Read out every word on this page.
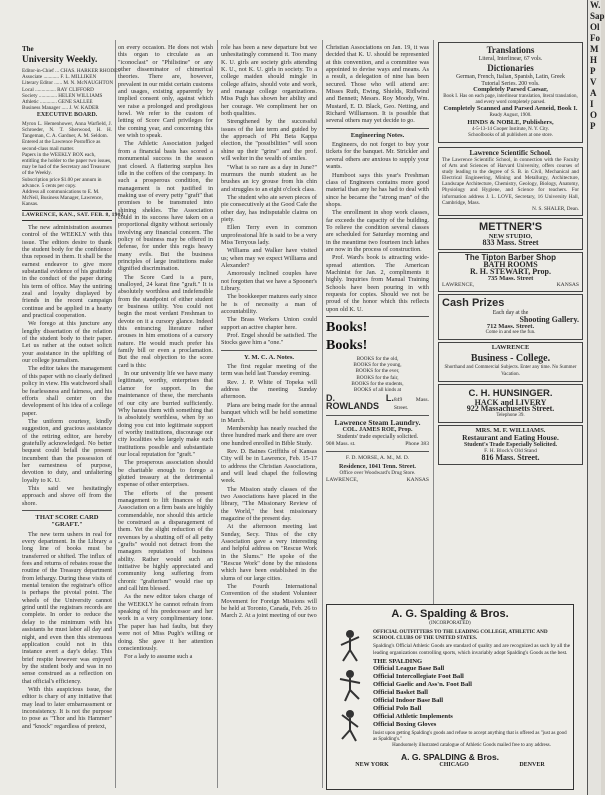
The
University Weekly.
Editor-in-Chief ... CHAS. HARKER RHODES
Associate ............ F. L. MILLIKEN
Literary Editor ...... M. N. McNAUGHTON
Local ................ RAY CLIFFORD
Society .............. HELEN WILLIAMS
Athletic ............. GENE SALLEE
Business Manager ..... J. W. KADER
EXECUTIVE BOARD.
Myron L. Hemenhower, Anna Warfield, J. Schroeder, N. T. Sherwood, H. H. Tangeman, C. A. Gardner, A. M. Seldom.
Entered at the Lawrence Postoffice as second-class mail matter.
Papers in the WEEKLY BOX each, entitling the holder to the paper two issues, may be had of the Secretary and Treasurer of the Weekly.
Subscription price $1.00 per annum in advance. 5 cents per copy.
Address all communications to E. M. McNeil, Business Manager, Lawrence, Kansas.
LAWRENCE, KAN., SAT. FEB. 8, 1902.

The new administration assumes control of the WEEKLY with this issue. The editors desire to thank the student body for the confidence thus reposed in them. It shall be the earnest endeavor to give more substantial evidence of his gratitude in the conduct of the paper during his term of office. May the untiring zeal and loyalty displayed by friends in the recent campaign continue and be applied in a hearty and practical cooperation.

We forego at this juncture any lengthy dissertation of the relation of the student body to their paper. Let us rather at the outset solicit your assistance in the uplifting of our college journalism.

The editor takes the management of this paper with no clearly defined policy in view. His watchword shall be fearlessness and fairness, and his efforts shall center on the development of his idea of a college paper.

The uniform courtesy, kindly suggestion, and gracious assistance of the retiring editor, are hereby gratefully acknowledged. No better bequest could befall the present incumbent than the possession of her earnestness of purpose, devotion to duty, and unfaltering loyalty to K. U.

This said we hesitatingly approach and shove off from the shore.

THAT SCORE CARD "GRAFT."

The new term ushers in real for every department. In the Library a long line of books must be transferred or shifted. The influx of fees and returns of rebates rouse the routine of the Treasury department from lethargy. During these visits of mental tension the registrar's office is perhaps the pivotal point. The wheels of the University cannot grind until the registrars records are complete. In order to reduce the delay to the minimum with his assistants he must labor all day and night, and even then this strenuous application could not in this instance avert a day's delay. This brief respite however was enjoyed by the student body and was in no sense construed as a reflection on that official's efficiency.

With this auspicious issue, the editor is chary of any initiative that may lead to later embarrassment or inconsistency. It is not the purpose to pose as "Thor and his Hammer" and "knock" regardless of pretext,

on every occasion. He does not wish this organ to circulate as an "iconoclast" or "Philistine" or any other disseminator of chimerical theories. There are, however, prevalent in our midst certain customs and usages, existing apparently by implied consent only, against which we raise a prolonged and prodigious howl. We refer to the custom of letting of Score Card privileges for the coming year, and concerning this we wish to speak.

The Athletic Association judged from a financial basis has scored a monumental success in the season just closed. A flattering surplus lies idle in the coffers of the company. In such a prosperous condition, the management is not justified in making use of every petty "graft" that promises to be transmuted into shining shekles. The Association could in its success have taken on a proportional dignity without seriously involving any financial concern. The policy of business may be offered in defense, for under this regis heavy many evils. But the business principles of large institutions make dignified discrimination.

The Score Card is a pure, unalloyed, 24 karat fine "graft." It is absolutely worthless and indefensible from the standpoint of either student or business utility. You could not begin the most verdant Freshman to devote on it a cursory glance. Indeed this entrancing literature rather arouses in him emotions of a cursory nature. He would much prefer his family bill or even a proclamation. But the real objection to the score card is this:

In our university life we have many legitimate, worthy, enterprises that clamor for support. In the maintenance of these, the merchants of our city are burried sufficiently. Why harass them with something that is absolutely worthless, when by so doing you cut into legitimate support of worthy institutions, discourage our city localities who largely make such institutions possible and substantiate our local reputation for "graft."

The prosperous association should be charitable enough to forego a glutted treasury at the detrimental expense of other enterprises.

The efforts of the present management to lift finances of the Association on a firm basis are highly commendable, nor should this article be construed as a disparagement of them. Yet the slight reduction of the revenues by a shutting off of all petty "grafts" would not detract from the managers reputation of business ability. Rather would such an initiative be highly appreciated and community long suffering from chronic "grafterism" would rise up and call him blessed.

As the new editor takes charge of the WEEKLY he cannot refrain from speaking of his predecessor and her work in a very complimentary tone. The paper has had faults, but they were not of Miss Pugh's willing or doing. She gave it her attention conscientiously.

For a lady to assume such a

role has been a new departure but we unhesitatingly commend it. Too many K. U. girls are society girls attending K. U., not K. U. girls in society. To a college maiden should mingle in college affairs, should vote and work, and manage college organizations. Miss Pugh has shown her ability and her courage. We compliment her on both qualities.

Strengthened by the successful issues of the late term and guided by the approach of Phi Beta Kappa election, the "possibilities" will soon shine up their "grins" and the prof. will welter in the wealth of smiles.

"What is so rare as a day in June?" murmurs the numb student as he brushes an icy grouse from his chin and struggles to an eight o'clock class.

The student who ate seven pieces of pie consecutively at the Good Cafe the other day, has indisputable claims on piety.

Ellen Terry even in common unprofessional life is said to be a very Miss Terryous lady.

Williams and Walker have visited us; when may we expect Williams and Alexander?

Amorously inclined couples have not forgotten that we have a Spooner's Library.

The bookkeeper matures early since he is of necessity a man of accountability.

The Brass Workers Union could support an active chapter here.

Prof. Engel should be satisfied. The Stocks gave him a "one."

Y. M. C. A. Notes.

The first regular meeting of the term was held last Tuesday evening.

Rev. J. P. White of Topeka will address the meeting Sunday afternoon.

Plans are being made for the annual banquet which will be held sometime in March.

Membership has nearly reached the three hundred mark and there are over one hundred enrolled in Bible Study.

Rev. D. Baines Griffiths of Kansas City will be in Lawrence, Feb. 15-17 to address the Christian Associations, and will lead chapel the following week.

The Mission study classes of the two Associations have placed in the library, "The Missionary Review of the World," the best missionary magazine of the present day.

At the afternoon meeting last Sunday, Secy. Titus of the city Association gave a very interesting and helpful address on "Rescue Work in the Slums." He spoke of the "Rescue Work" done by the missions which have been established in the slums of our large cities.

The Fourth International Convention of the student Volunteer Movement for Foreign Missions will be held at Toronto, Canada, Feb. 26 to March 2. At a joint meeting of our two

Christian Associations on Jan. 19, it was decided that K. U. should be represented at this convention, and a committee was appointed to devise ways and means. As a result, a delegation of nine has been secured. Those who will attend are: Misses Ruth, Ewing, Shields, Ridlwind and Bennett; Messrs. Roy Moody, Wm. Mustard, E. D. Black, Geo. Netting, and Richard Williamson. It is possible that several others may yet decide to go.

Engineering Notes.

Engineers, do not forget to buy your tickets for the banquet. Mr. Strickler and several others are anxious to supply your wants.

Humboot says this year's Freshman class of Engineers contains more good material than any he has had to deal with since he became the "strong man" of the shops.

The enrollment in shop work classes, far exceeds the capacity of the building. To relieve the condition several classes are scheduled for Saturday morning and in the meantime two fourteen inch lathes are now in the process of construction.

Prof. Ward's book is attracting wide-spread attention. The American Machinist for Jan. 2, compliments it highly. Inquiries from Manual Training Schools have been pouring in with requests for copies. Should we not be proud of the honor which this reflects upon old K. U.

Books!
Books!
BOOKS for the old,
BOOKS for the young,
BOOKS for the ever,
BOOKS for the fair,
BOOKS for the students,
BOOKS of all kinds at
D. L. ROWLANDS
849 Mass. Street.
Lawrence Steam Laundry.
COL. JAMES ROE, Prop.
Students' trade especially solicited.
908 Mass. st.	Phone 383
F. D. MORSE, A. M., M. D.
Residence, 1041 Tenn. Street.
Office over Woodward's Drug Store.
LAWRENCE,	KANSAS
Translations
Literal, Interlinear, 67 vols.
Dictionaries
German, French, Italian, Spanish, Latin, Greek
Tutorial Series. 200 vols.
Completely Parsed Caesar,
Book I. Has on each page, interlinear translation, literal translation, and every word completely parsed.
Completely Scanned and Parsed Aeneid, Book I.
Ready August, 1900.
HINDS & NOBLE, Publishers,
4-5-13-14 Cooper Institute, N. Y. City.
Schoolbooks of all publishers at one store.
Lawrence Scientific School.
The Lawrence Scientific School, in connection with the Faculty of Arts and Sciences of Harvard University, offers courses of study leading to the degree of S. B. in Civil, Mechanical and Electrical Engineering, Mining and Metallurgy, Architecture, Landscape Architecture, Chemistry, Geology, Biology, Anatomy, Physiology and Hygiene, and Science for teachers. For information address J. L. LOVE, Secretary, 16 University Hall, Cambridge, Mass.
N. S. SHALER, Dean.
METTNER'S
NEW STUDIO,
833 Mass. Street
The Tipton Barber Shop
BATH ROOMS
R. H. STEWART, Prop.
735 Mass. Street
LAWRENCE,	KANSAS
Cash Prizes
Each day at the
Shooting Gallery.
712 Mass. Street.
Come in and see the fun.
LAWRENCE
Business - College.
Shorthand and Commercial Subjects. Enter any time. No Summer Vacation.
C. H. HUNSINGER.
HACK and LIVERY
922 Massachusetts Street.
Telephone 39.
MRS. M. F. WILLIAMS.
Restaurant and Eating House.
Student's Trade Especially Solicited.
F. H. Block's Old Stand
816 Mass. Street.
A. G. Spalding & Bros.
(INCORPORATED)
OFFICIAL OUTFITTERS TO THE LEADING COLLEGE, ATHLETIC AND SCHOOL CLUBS OF THE UNITED STATES.
Spalding's Official Athletic Goods are standard of quality and are recognized as such by all the leading organizations controlling sports, which invariably adopt Spalding's Goods as the best.
THE SPALDING
Official League Base Ball
Official Intercollegiate Foot Ball
Official Gaelic and Ass'n. Foot Ball
Official Basket Ball
Official Indoor Base Ball
Official Polo Ball
Official Athletic Implements
Official Boxing Gloves
Insist upon getting Spalding's goods and refuse to accept anything that is offered as "just as good as Spalding's."
Handsomely illustrated catalogue of Athletic Goods mailed free to any address.
A. G. SPALDING & Bros.
NEW YORK	CHICAGO	DENVER
W.
Sap
Ol
Fo
M
H
P
V
A
I
O
P
